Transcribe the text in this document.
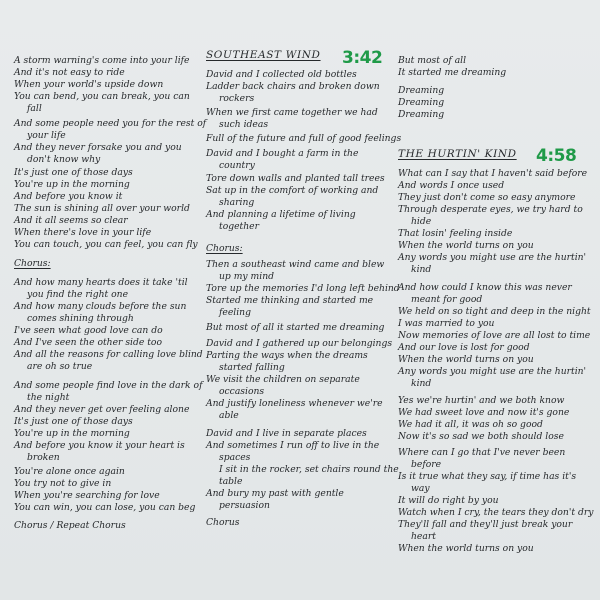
A storm warning's come into your life
And it's not easy to ride
When your world's upside down
You can bend, you can break, you can
fall
And some people need you for the rest of
your life
And they never forsake you and you
don't know why
It's just one of those days
You're up in the morning
And before you know it
The sun is shining all over your world
And it all seems so clear
When there's love in your life
You can touch, you can feel, you can fly
Chorus:
And how many hearts does it take 'til
you find the right one
And how many clouds before the sun
comes shining through
I've seen what good love can do
And I've seen the other side too
And all the reasons for calling love blind
are oh so true
And some people find love in the dark of
the night
And they never get over feeling alone
It's just one of those days
You're up in the morning
And before you know it your heart is
broken
You're alone once again
You try not to give in
When you're searching for love
You can win, you can lose, you can beg
Chorus / Repeat Chorus
SOUTHEAST WIND
David and I collected old bottles
Ladder back chairs and broken down
rockers
When we first came together we had
such ideas
Full of the future and full of good feelings
David and I bought a farm in the
country
Tore down walls and planted tall trees
Sat up in the comfort of working and
sharing
And planning a lifetime of living
together
Chorus:
Then a southeast wind came and blew
up my mind
Tore up the memories I'd long left behind
Started me thinking and started me
feeling
But most of all it started me dreaming
David and I gathered up our belongings
Parting the ways when the dreams
started falling
We visit the children on separate
occasions
And justify loneliness whenever we're
able
David and I live in separate places
And sometimes I run off to live in the
spaces
I sit in the rocker, set chairs round the
table
And bury my past with gentle
persuasion
Chorus
3:42
THE HURTIN' KIND
But most of all
It started me dreaming
Dreaming
Dreaming
Dreaming
What can I say that I haven't said before
And words I once used
They just don't come so easy anymore
Through desperate eyes, we try hard to
hide
That losin' feeling inside
When the world turns on you
Any words you might use are the hurtin'
kind
And how could I know this was never
meant for good
We held on so tight and deep in the night
I was married to you
Now memories of love are all lost to time
And our love is lost for good
When the world turns on you
Any words you might use are the hurtin'
kind
Yes we're hurtin' and we both know
We had sweet love and now it's gone
We had it all, it was oh so good
Now it's so sad we both should lose
Where can I go that I've never been
before
Is it true what they say, if time has it's
way
It will do right by you
Watch when I cry, the tears they don't dry
They'll fall and they'll just break your
heart
When the world turns on you
4:58
